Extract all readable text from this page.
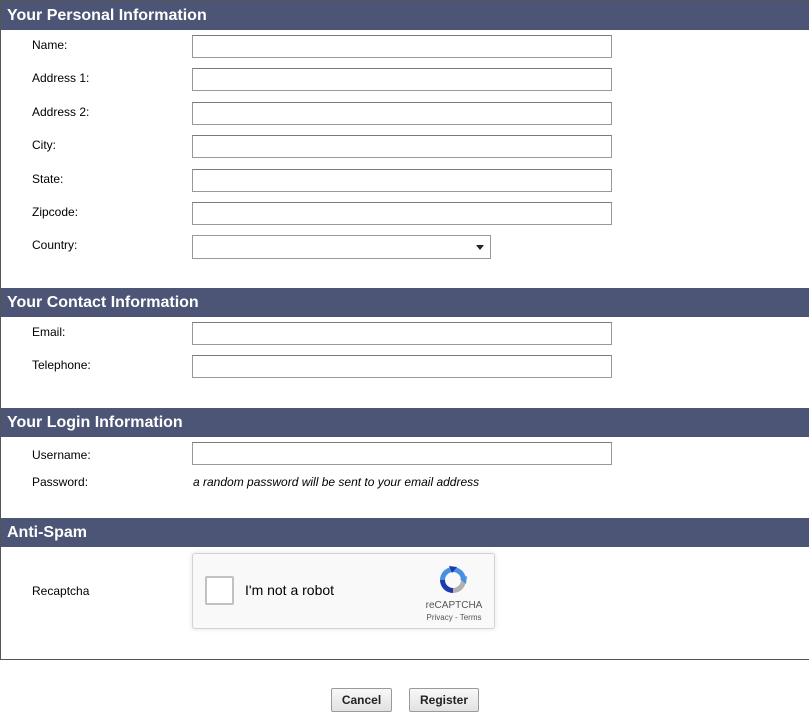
Your Personal Information
Name:
Address 1:
Address 2:
City:
State:
Zipcode:
Country:
Your Contact Information
Email:
Telephone:
Your Login Information
Username:
Password:	a random password will be sent to your email address
Anti-Spam
Recaptcha	I'm not a robot
reCAPTCHA
Privacy - Terms
Cancel	Register
